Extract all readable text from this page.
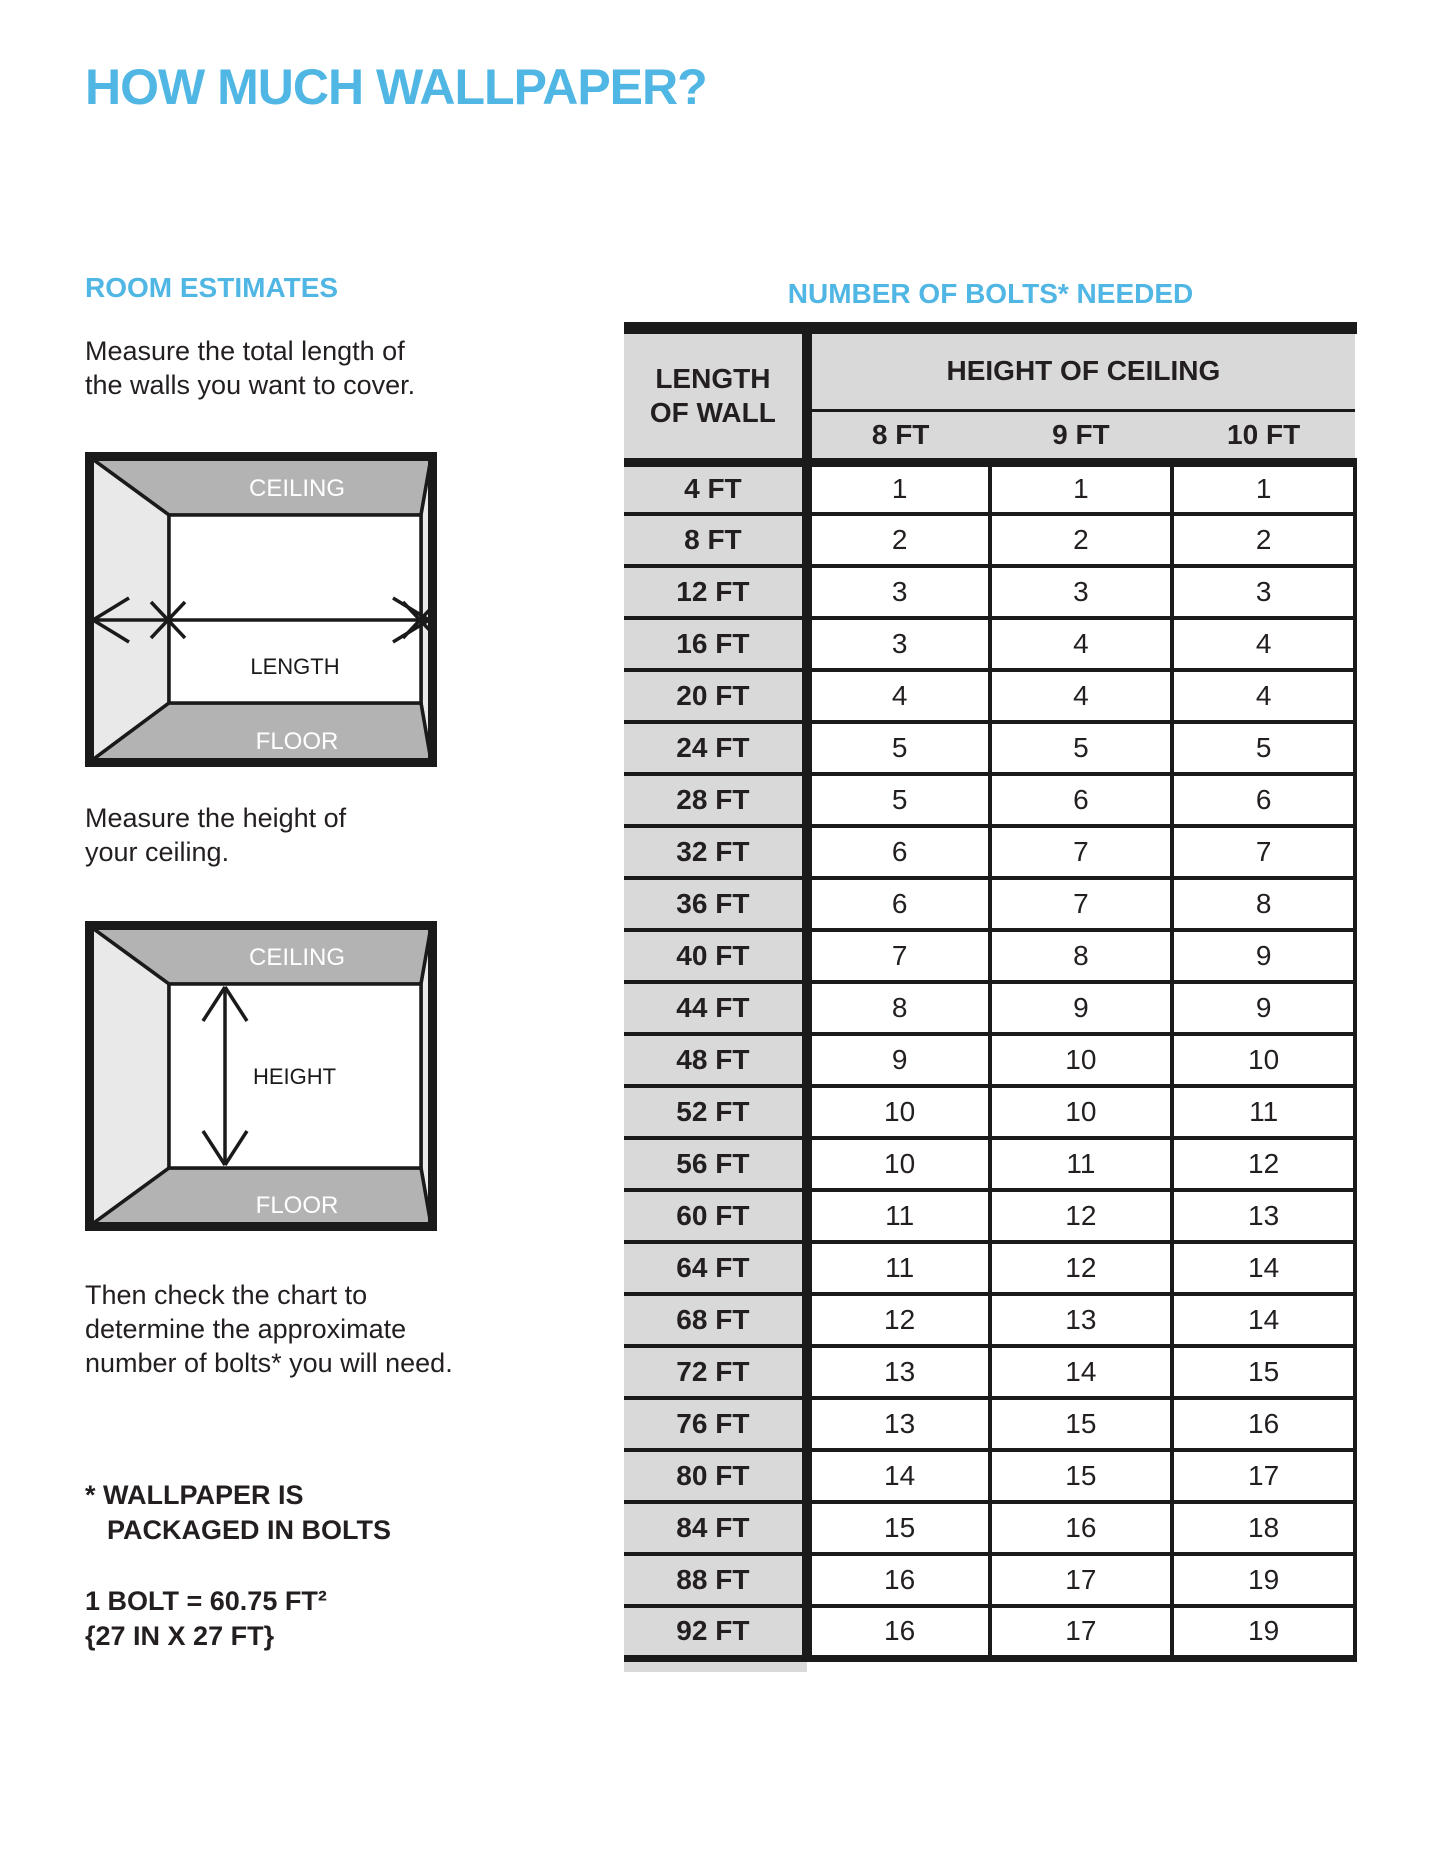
HOW MUCH WALLPAPER?
ROOM ESTIMATES

Measure the total length of
the walls you want to cover.

CEILING
FLOOR
LENGTH

Measure the height of
your ceiling.

CEILING
FLOOR
HEIGHT

Then check the chart to
determine the approximate
number of bolts* you will need.

* WALLPAPER IS
PACKAGED IN BOLTS
1 BOLT = 60.75 FT²
{27 IN X 27 FT}
NUMBER OF BOLTS* NEEDED
LENGTH
OF WALL	HEIGHT OF CEILING		
	8 FT	9 FT	10 FT
4 FT	1	1	1
8 FT	2	2	2
12 FT	3	3	3
16 FT	3	4	4
20 FT	4	4	4
24 FT	5	5	5
28 FT	5	6	6
32 FT	6	7	7
36 FT	6	7	8
40 FT	7	8	9
44 FT	8	9	9
48 FT	9	10	10
52 FT	10	10	11
56 FT	10	11	12
60 FT	11	12	13
64 FT	11	12	14
68 FT	12	13	14
72 FT	13	14	15
76 FT	13	15	16
80 FT	14	15	17
84 FT	15	16	18
88 FT	16	17	19
92 FT	16	17	19
